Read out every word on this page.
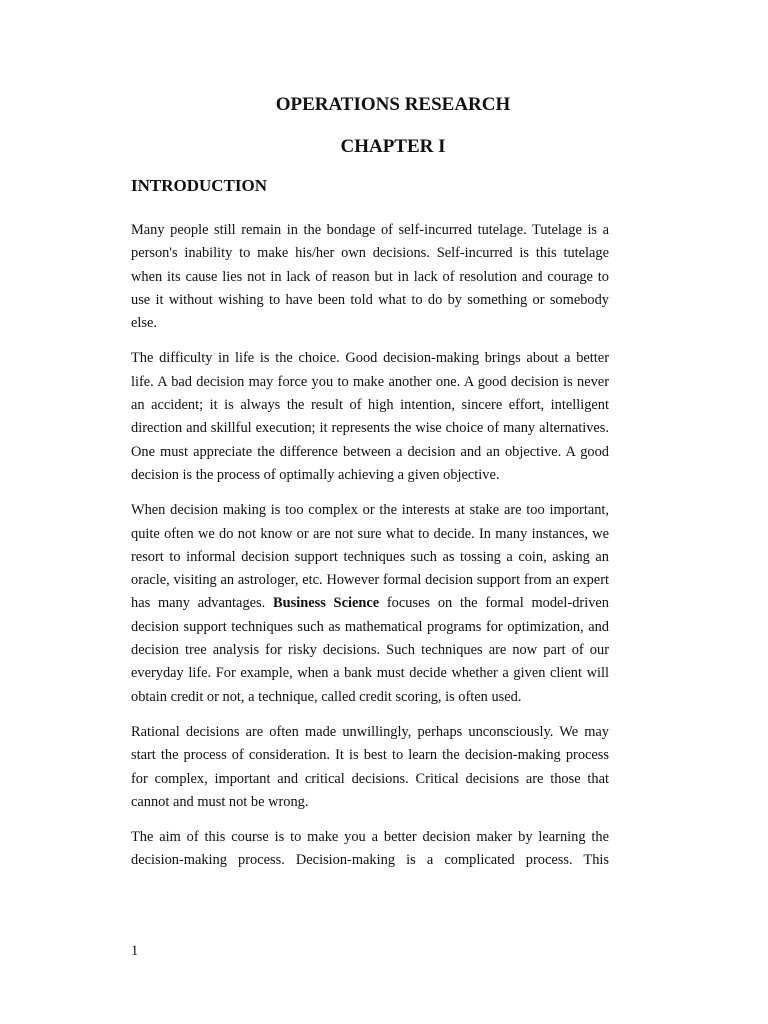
OPERATIONS RESEARCH
CHAPTER I
INTRODUCTION

Many people still remain in the bondage of self-incurred tutelage. Tutelage is a person's inability to make his/her own decisions. Self-incurred is this tutelage when its cause lies not in lack of reason but in lack of resolution and courage to use it without wishing to have been told what to do by something or somebody else.

The difficulty in life is the choice. Good decision-making brings about a better life. A bad decision may force you to make another one. A good decision is never an accident; it is always the result of high intention, sincere effort, intelligent direction and skillful execution; it represents the wise choice of many alternatives. One must appreciate the difference between a decision and an objective. A good decision is the process of optimally achieving a given objective.

When decision making is too complex or the interests at stake are too important, quite often we do not know or are not sure what to decide. In many instances, we resort to informal decision support techniques such as tossing a coin, asking an oracle, visiting an astrologer, etc. However formal decision support from an expert has many advantages. Business Science focuses on the formal model-driven decision support techniques such as mathematical programs for optimization, and decision tree analysis for risky decisions. Such techniques are now part of our everyday life. For example, when a bank must decide whether a given client will obtain credit or not, a technique, called credit scoring, is often used.

Rational decisions are often made unwillingly, perhaps unconsciously. We may start the process of consideration. It is best to learn the decision-making process for complex, important and critical decisions. Critical decisions are those that cannot and must not be wrong.

The aim of this course is to make you a better decision maker by learning the decision-making process. Decision-making is a complicated process. This

1
